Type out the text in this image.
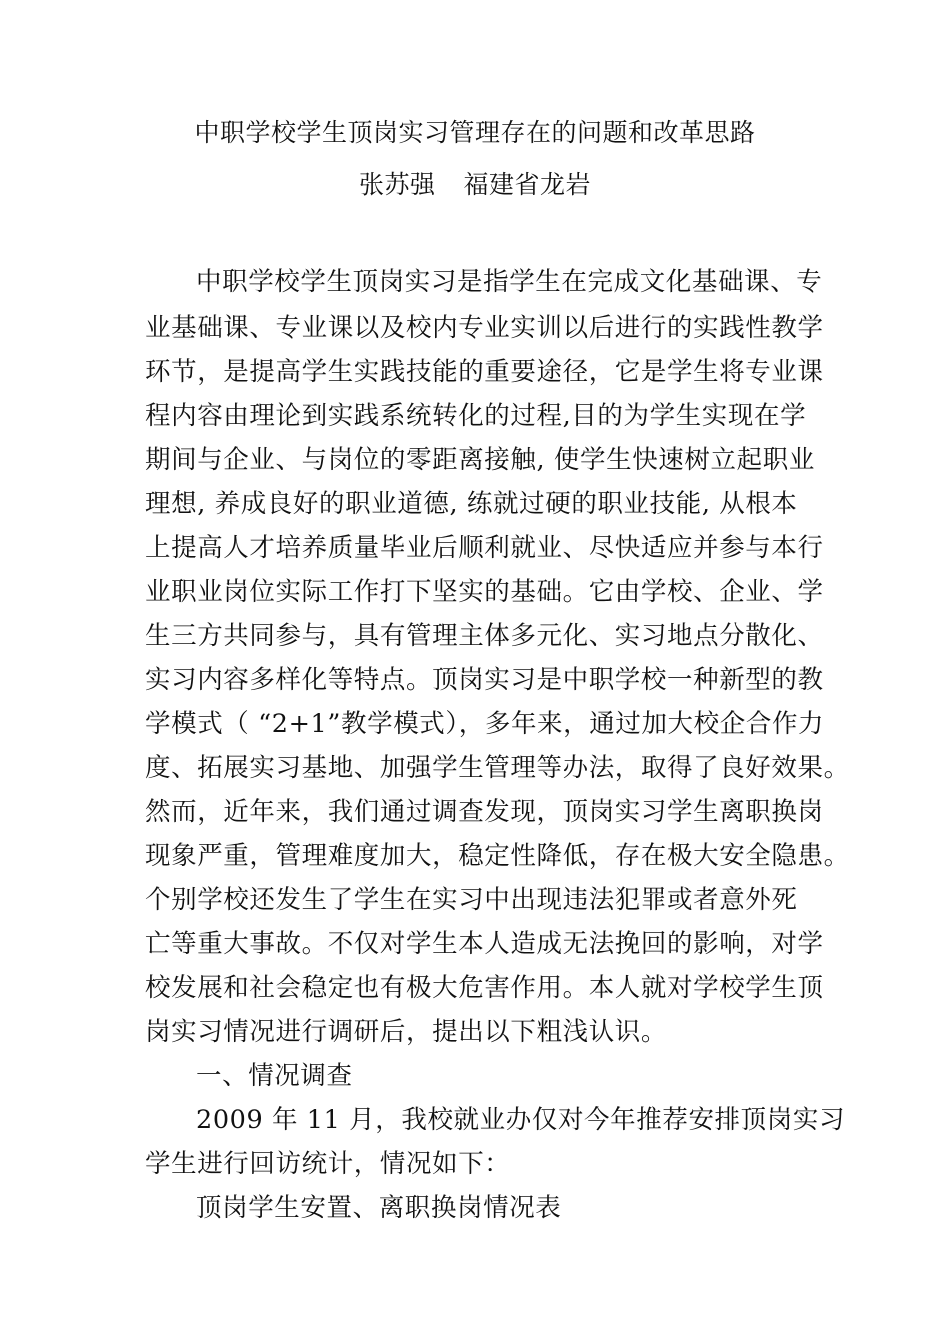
中职学校学生顶岗实习管理存在的问题和改革思路
张苏强 福建省龙岩
中职学校学生顶岗实习是指学生在完成文化基础课、专
业基础课、专业课以及校内专业实训以后进行的实践性教学
环节，是提高学生实践技能的重要途径，它是学生将专业课
程内容由理论到实践系统转化的过程,目的为学生实现在学
期间与企业、与岗位的零距离接触, 使学生快速树立起职业
理想, 养成良好的职业道德, 练就过硬的职业技能, 从根本
上提高人才培养质量毕业后顺利就业、尽快适应并参与本行
业职业岗位实际工作打下坚实的基础。它由学校、企业、学
生三方共同参与，具有管理主体多元化、实习地点分散化、
实习内容多样化等特点。顶岗实习是中职学校一种新型的教
学模式（ “2+1”教学模式），多年来，通过加大校企合作力
度、拓展实习基地、加强学生管理等办法，取得了良好效果。
然而，近年来，我们通过调查发现，顶岗实习学生离职换岗
现象严重，管理难度加大，稳定性降低，存在极大安全隐患。
个别学校还发生了学生在实习中出现违法犯罪或者意外死
亡等重大事故。不仅对学生本人造成无法挽回的影响，对学
校发展和社会稳定也有极大危害作用。本人就对学校学生顶
岗实习情况进行调研后，提出以下粗浅认识。
一、情况调查
2009 年 11 月，我校就业办仅对今年推荐安排顶岗实习
学生进行回访统计，情况如下：
顶岗学生安置、离职换岗情况表
